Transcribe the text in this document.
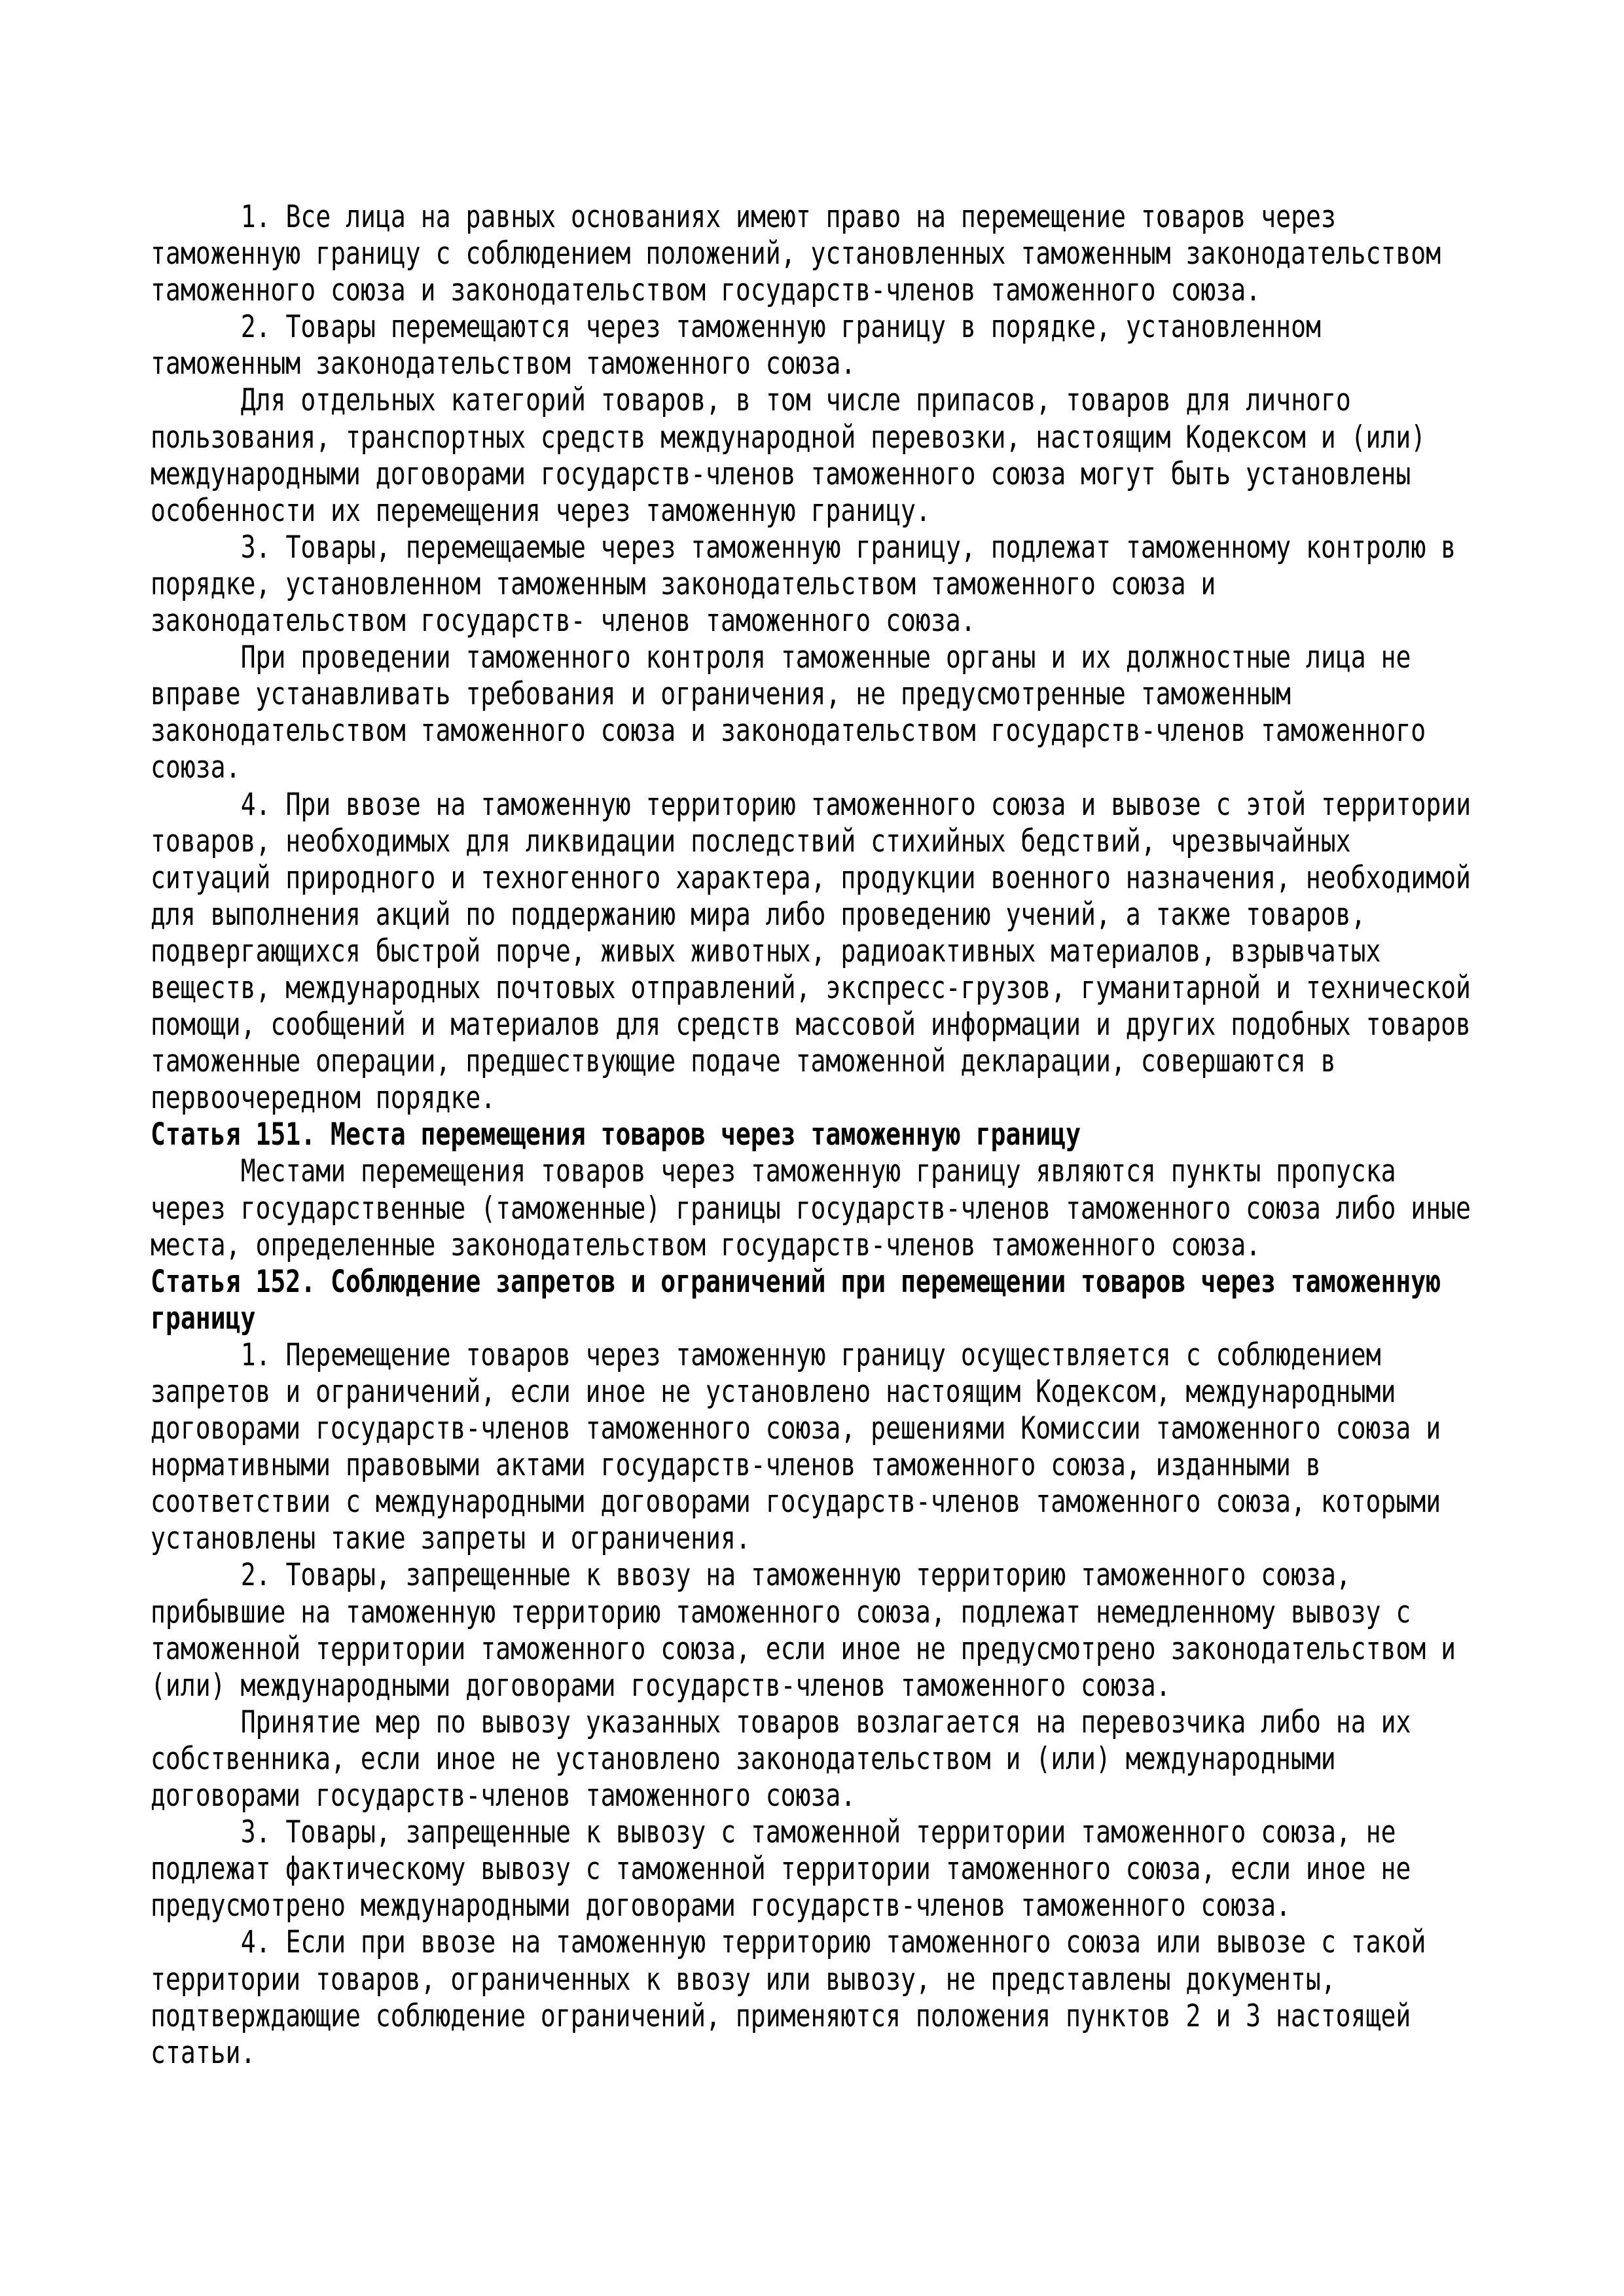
1. Все лица на равных основаниях имеют право на перемещение товаров через
таможенную границу с соблюдением положений, установленных таможенным законодательством
таможенного союза и законодательством государств-членов таможенного союза.
2. Товары перемещаются через таможенную границу в порядке, установленном
таможенным законодательством таможенного союза.
Для отдельных категорий товаров, в том числе припасов, товаров для личного
пользования, транспортных средств международной перевозки, настоящим Кодексом и (или)
международными договорами государств-членов таможенного союза могут быть установлены
особенности их перемещения через таможенную границу.
3. Товары, перемещаемые через таможенную границу, подлежат таможенному контролю в
порядке, установленном таможенным законодательством таможенного союза и
законодательством государств- членов таможенного союза.
При проведении таможенного контроля таможенные органы и их должностные лица не
вправе устанавливать требования и ограничения, не предусмотренные таможенным
законодательством таможенного союза и законодательством государств-членов таможенного
союза.
4. При ввозе на таможенную территорию таможенного союза и вывозе с этой территории
товаров, необходимых для ликвидации последствий стихийных бедствий, чрезвычайных
ситуаций природного и техногенного характера, продукции военного назначения, необходимой
для выполнения акций по поддержанию мира либо проведению учений, а также товаров,
подвергающихся быстрой порче, живых животных, радиоактивных материалов, взрывчатых
веществ, международных почтовых отправлений, экспресс-грузов, гуманитарной и технической
помощи, сообщений и материалов для средств массовой информации и других подобных товаров
таможенные операции, предшествующие подаче таможенной декларации, совершаются в
первоочередном порядке.
Статья 151. Места перемещения товаров через таможенную границу
Местами перемещения товаров через таможенную границу являются пункты пропуска
через государственные (таможенные) границы государств-членов таможенного союза либо иные
места, определенные законодательством государств-членов таможенного союза.
Статья 152. Соблюдение запретов и ограничений при перемещении товаров через таможенную
границу
1. Перемещение товаров через таможенную границу осуществляется с соблюдением
запретов и ограничений, если иное не установлено настоящим Кодексом, международными
договорами государств-членов таможенного союза, решениями Комиссии таможенного союза и
нормативными правовыми актами государств-членов таможенного союза, изданными в
соответствии с международными договорами государств-членов таможенного союза, которыми
установлены такие запреты и ограничения.
2. Товары, запрещенные к ввозу на таможенную территорию таможенного союза,
прибывшие на таможенную территорию таможенного союза, подлежат немедленному вывозу с
таможенной территории таможенного союза, если иное не предусмотрено законодательством и
(или) международными договорами государств-членов таможенного союза.
Принятие мер по вывозу указанных товаров возлагается на перевозчика либо на их
собственника, если иное не установлено законодательством и (или) международными
договорами государств-членов таможенного союза.
3. Товары, запрещенные к вывозу с таможенной территории таможенного союза, не
подлежат фактическому вывозу с таможенной территории таможенного союза, если иное не
предусмотрено международными договорами государств-членов таможенного союза.
4. Если при ввозе на таможенную территорию таможенного союза или вывозе с такой
территории товаров, ограниченных к ввозу или вывозу, не представлены документы,
подтверждающие соблюдение ограничений, применяются положения пунктов 2 и 3 настоящей
статьи.
